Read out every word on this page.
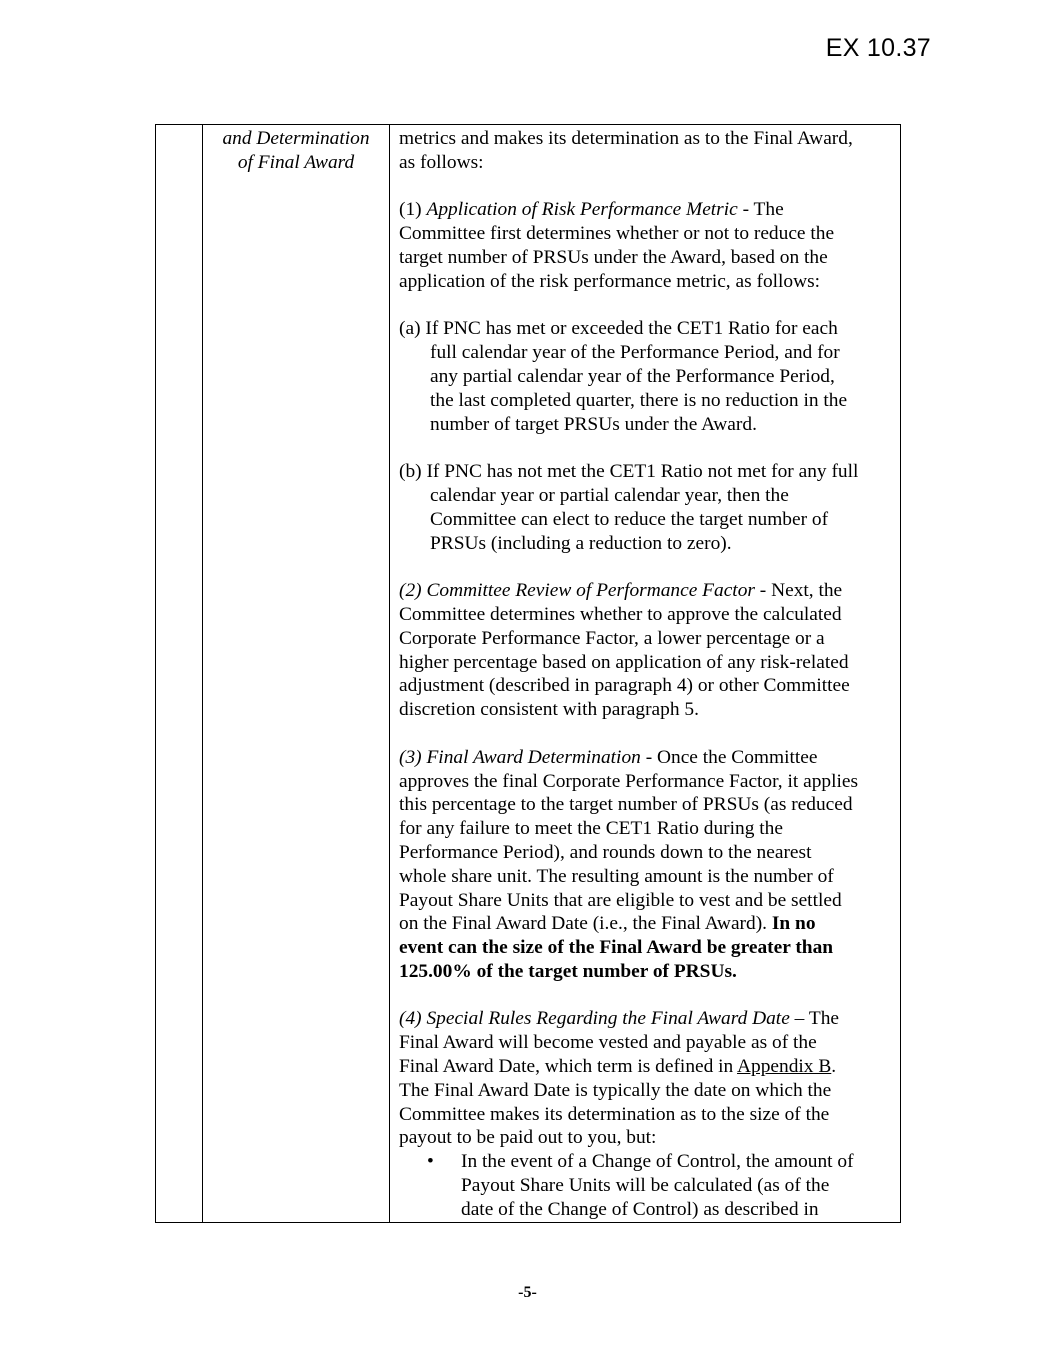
EX 10.37

and Determination
of Final Award

metrics and makes its determination as to the Final Award,
as follows:
(1) Application of Risk Performance Metric - The
Committee first determines whether or not to reduce the
target number of PRSUs under the Award, based on the
application of the risk performance metric, as follows:
(a) If PNC has met or exceeded the CET1 Ratio for each
full calendar year of the Performance Period, and for
any partial calendar year of the Performance Period,
the last completed quarter, there is no reduction in the
number of target PRSUs under the Award.
(b) If PNC has not met the CET1 Ratio not met for any full
calendar year or partial calendar year, then the
Committee can elect to reduce the target number of
PRSUs (including a reduction to zero).
(2) Committee Review of Performance Factor - Next, the
Committee determines whether to approve the calculated
Corporate Performance Factor, a lower percentage or a
higher percentage based on application of any risk-related
adjustment (described in paragraph 4) or other Committee
discretion consistent with paragraph 5.
(3) Final Award Determination - Once the Committee
approves the final Corporate Performance Factor, it applies
this percentage to the target number of PRSUs (as reduced
for any failure to meet the CET1 Ratio during the
Performance Period), and rounds down to the nearest
whole share unit. The resulting amount is the number of
Payout Share Units that are eligible to vest and be settled
on the Final Award Date (i.e., the Final Award). In no
event can the size of the Final Award be greater than
125.00% of the target number of PRSUs.
(4) Special Rules Regarding the Final Award Date – The
Final Award will become vested and payable as of the
Final Award Date, which term is defined in Appendix B.
The Final Award Date is typically the date on which the
Committee makes its determination as to the size of the
payout to be paid out to you, but:
• In the event of a Change of Control, the amount of
Payout Share Units will be calculated (as of the
date of the Change of Control) as described in
-5-
